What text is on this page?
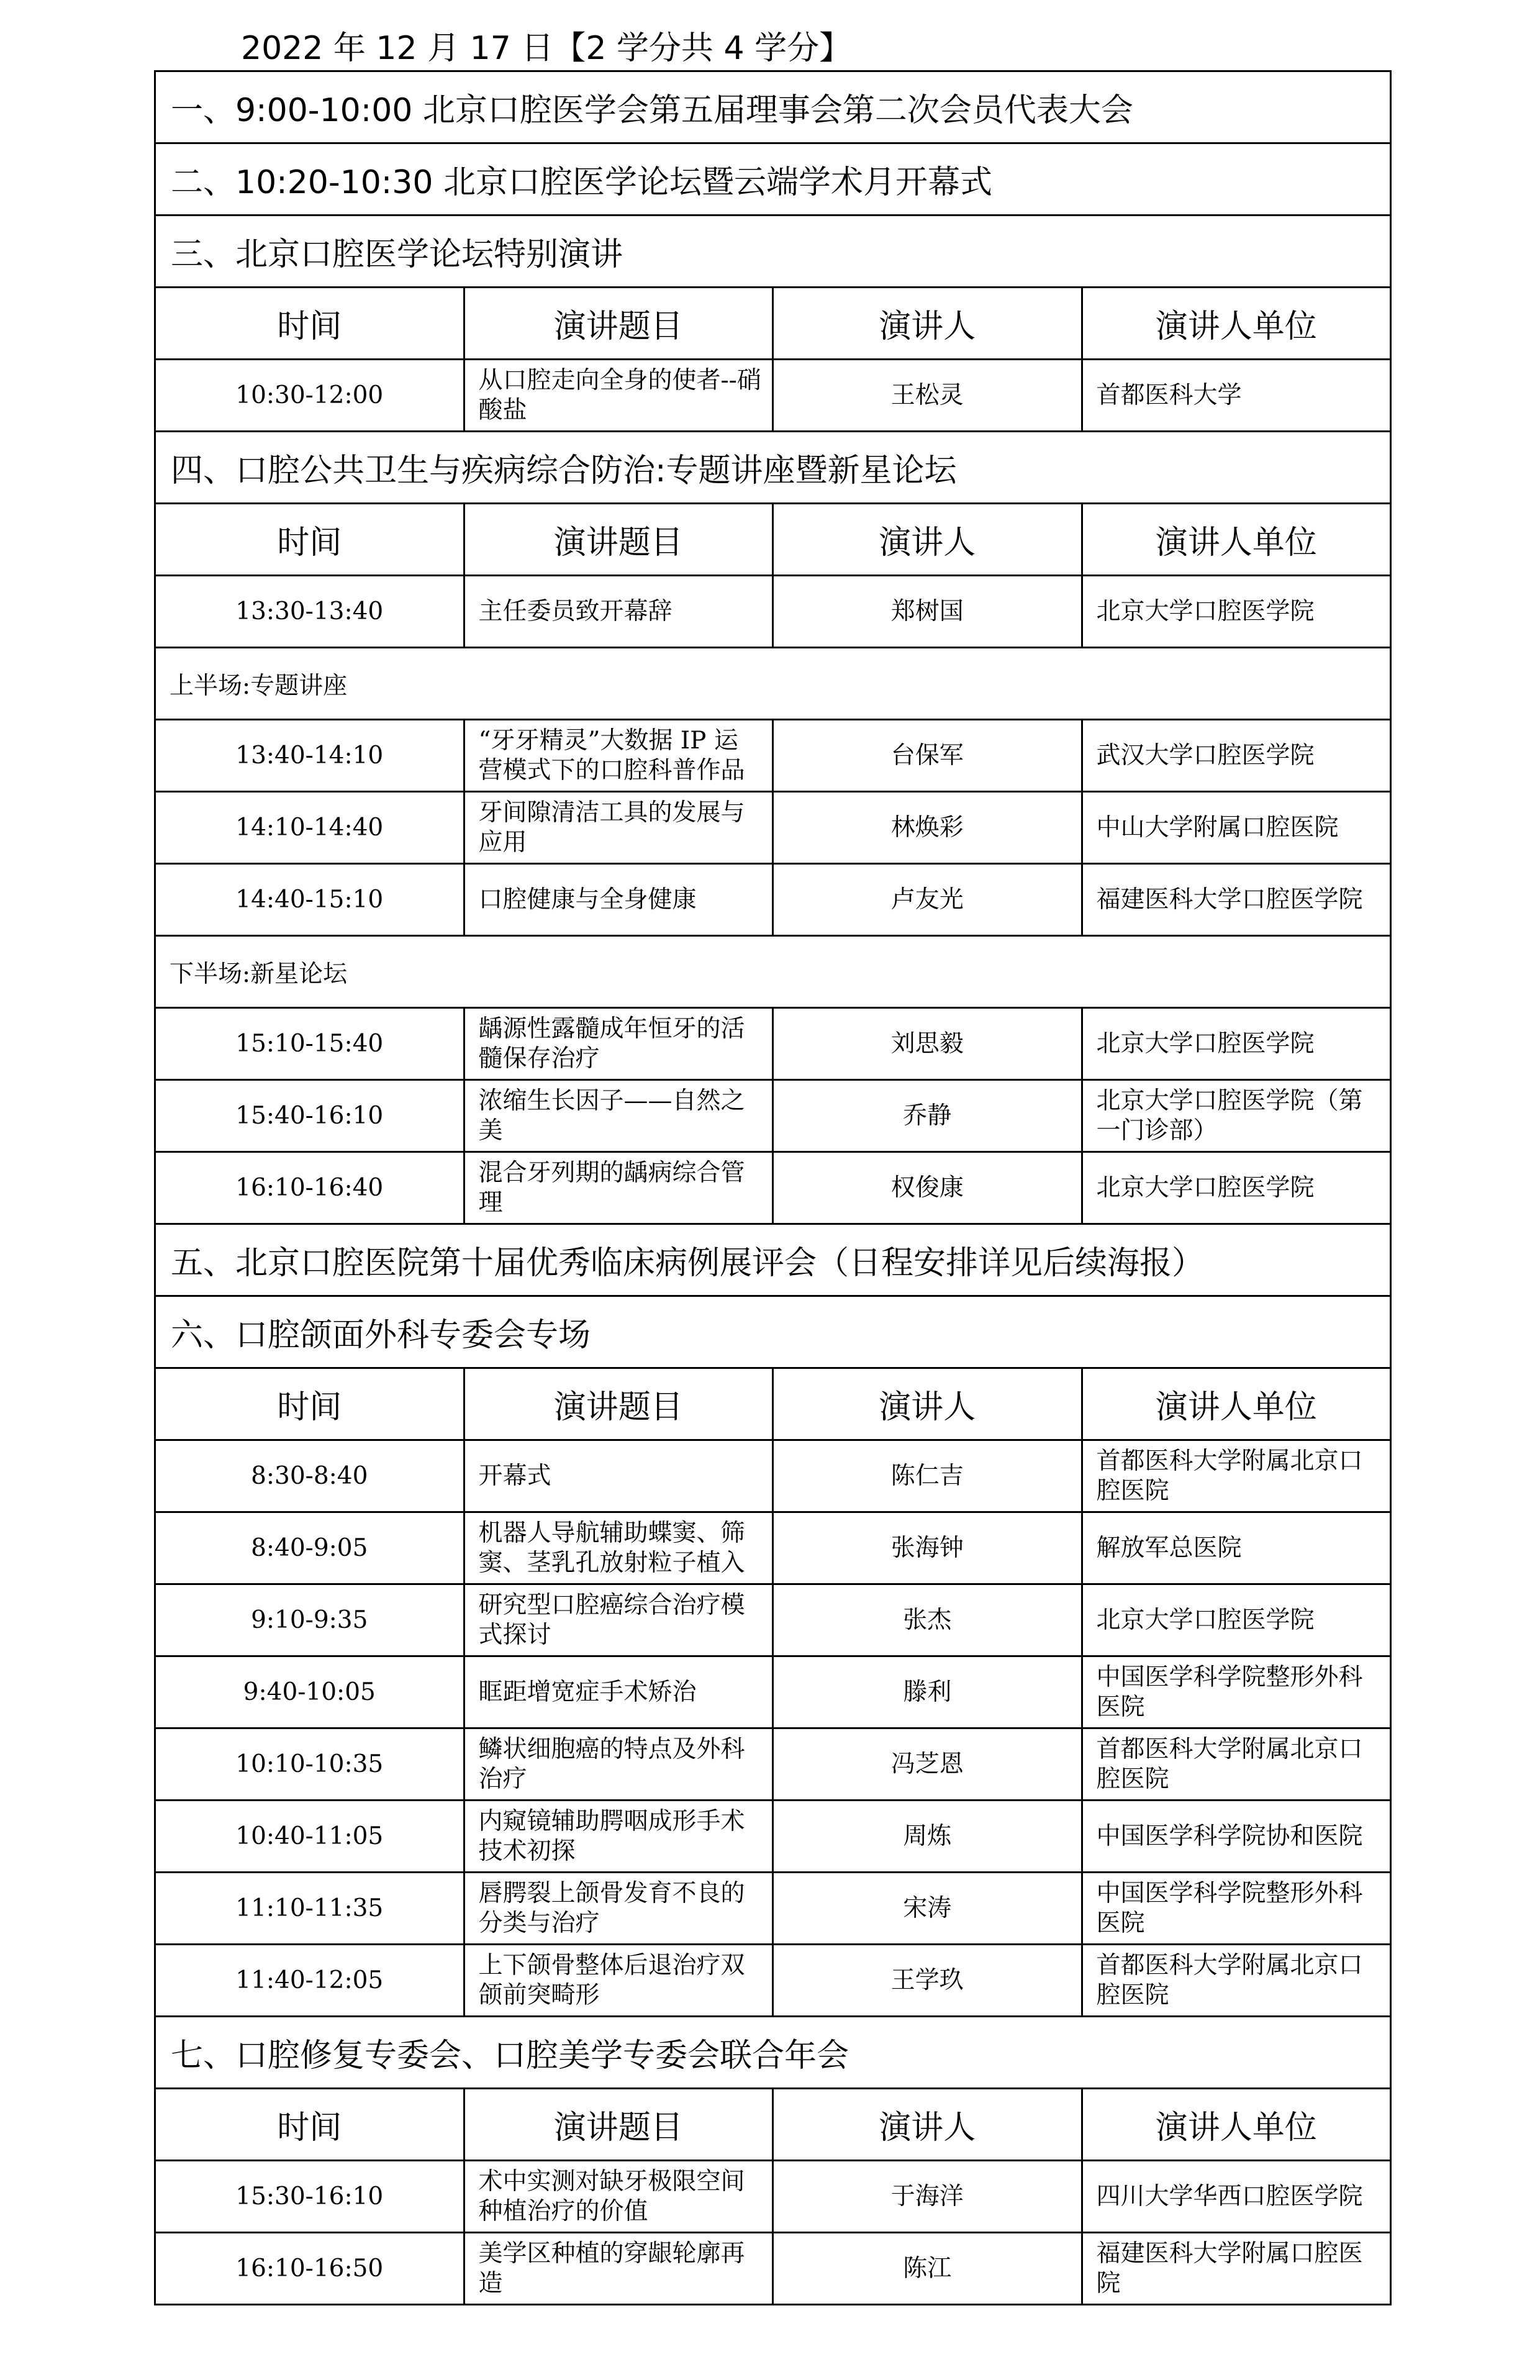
2022 年 12 月 17 日【2 学分共 4 学分】
一、9:00-10:00 北京口腔医学会第五届理事会第二次会员代表大会			
二、10:20-10:30 北京口腔医学论坛暨云端学术月开幕式			
三、北京口腔医学论坛特别演讲			
时间	演讲题目	演讲人	演讲人单位
10:30-12:00	从口腔走向全身的使者--硝酸盐	王松灵	首都医科大学
四、口腔公共卫生与疾病综合防治:专题讲座暨新星论坛			
时间	演讲题目	演讲人	演讲人单位
13:30-13:40	主任委员致开幕辞	郑树国	北京大学口腔医学院
上半场:专题讲座			
13:40-14:10	“牙牙精灵”大数据 IP 运营模式下的口腔科普作品	台保军	武汉大学口腔医学院
14:10-14:40	牙间隙清洁工具的发展与应用	林焕彩	中山大学附属口腔医院
14:40-15:10	口腔健康与全身健康	卢友光	福建医科大学口腔医学院
下半场:新星论坛			
15:10-15:40	龋源性露髓成年恒牙的活髓保存治疗	刘思毅	北京大学口腔医学院
15:40-16:10	浓缩生长因子——自然之美	乔静	北京大学口腔医学院（第一门诊部）
16:10-16:40	混合牙列期的龋病综合管理	权俊康	北京大学口腔医学院
五、北京口腔医院第十届优秀临床病例展评会（日程安排详见后续海报）			
六、口腔颌面外科专委会专场			
时间	演讲题目	演讲人	演讲人单位
8:30-8:40	开幕式	陈仁吉	首都医科大学附属北京口腔医院
8:40-9:05	机器人导航辅助蝶窦、筛窦、茎乳孔放射粒子植入	张海钟	解放军总医院
9:10-9:35	研究型口腔癌综合治疗模式探讨	张杰	北京大学口腔医学院
9:40-10:05	眶距增宽症手术矫治	滕利	中国医学科学院整形外科医院
10:10-10:35	鳞状细胞癌的特点及外科治疗	冯芝恩	首都医科大学附属北京口腔医院
10:40-11:05	内窥镜辅助腭咽成形手术技术初探	周炼	中国医学科学院协和医院
11:10-11:35	唇腭裂上颌骨发育不良的分类与治疗	宋涛	中国医学科学院整形外科医院
11:40-12:05	上下颌骨整体后退治疗双颌前突畸形	王学玖	首都医科大学附属北京口腔医院
七、口腔修复专委会、口腔美学专委会联合年会			
时间	演讲题目	演讲人	演讲人单位
15:30-16:10	术中实测对缺牙极限空间种植治疗的价值	于海洋	四川大学华西口腔医学院
16:10-16:50	美学区种植的穿龈轮廓再造	陈江	福建医科大学附属口腔医院
